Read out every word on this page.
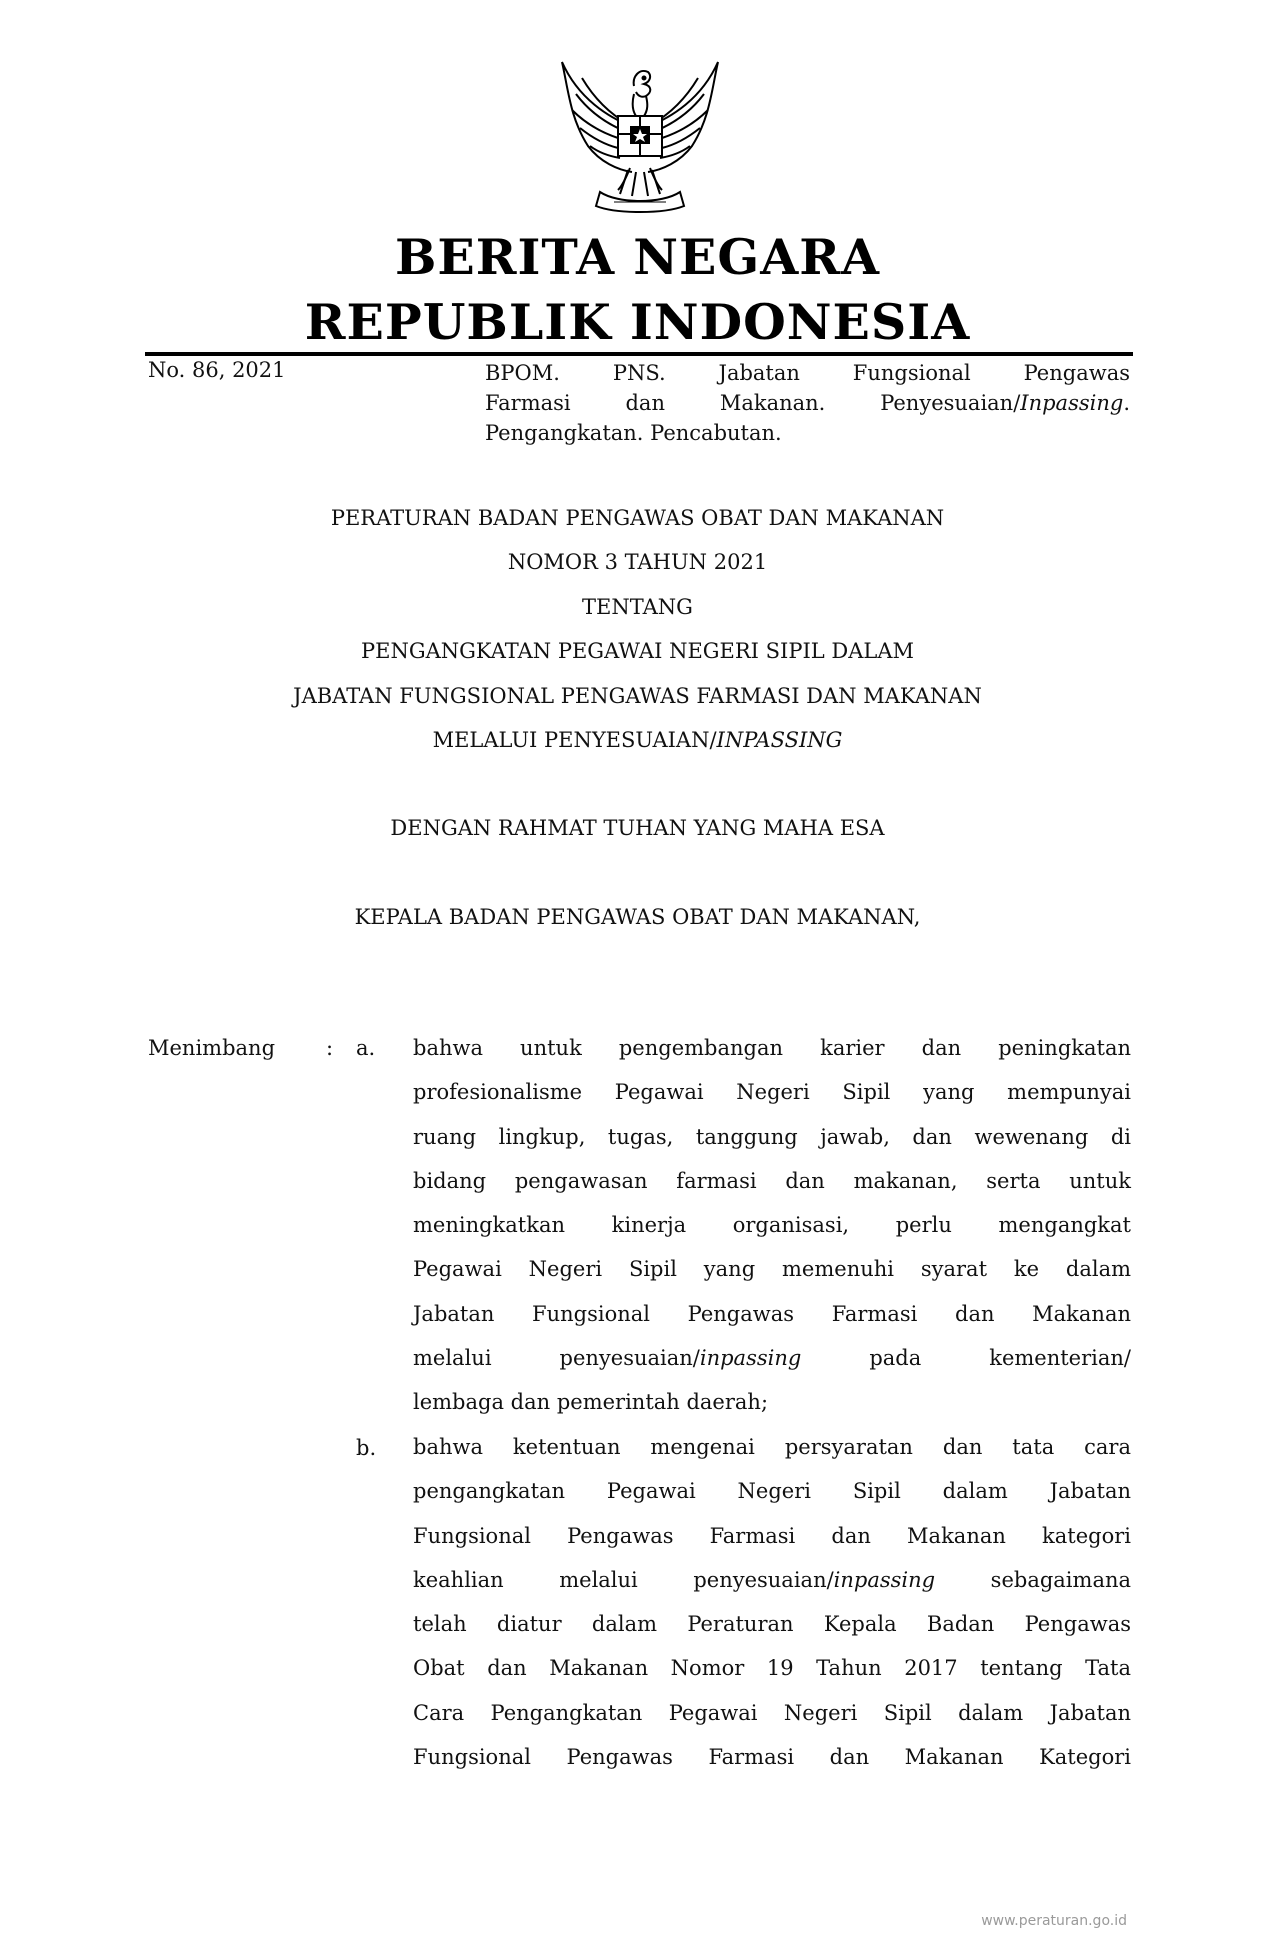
BERITA NEGARA
REPUBLIK INDONESIA
No. 86, 2021	BPOM. PNS. Jabatan Fungsional Pengawas
Farmasi dan Makanan. Penyesuaian/Inpassing.
Pengangkatan. Pencabutan.
PERATURAN BADAN PENGAWAS OBAT DAN MAKANAN
NOMOR 3 TAHUN 2021
TENTANG
PENGANGKATAN PEGAWAI NEGERI SIPIL DALAM
JABATAN FUNGSIONAL PENGAWAS FARMASI DAN MAKANAN
MELALUI PENYESUAIAN/INPASSING
DENGAN RAHMAT TUHAN YANG MAHA ESA
KEPALA BADAN PENGAWAS OBAT DAN MAKANAN,
Menimbang : a. bahwa untuk pengembangan karier dan peningkatan
profesionalisme Pegawai Negeri Sipil yang mempunyai
ruang lingkup, tugas, tanggung jawab, dan wewenang di
bidang pengawasan farmasi dan makanan, serta untuk
meningkatkan kinerja organisasi, perlu mengangkat
Pegawai Negeri Sipil yang memenuhi syarat ke dalam
Jabatan Fungsional Pengawas Farmasi dan Makanan
melalui penyesuaian/inpassing pada kementerian/
lembaga dan pemerintah daerah;
b. bahwa ketentuan mengenai persyaratan dan tata cara
pengangkatan Pegawai Negeri Sipil dalam Jabatan
Fungsional Pengawas Farmasi dan Makanan kategori
keahlian melalui penyesuaian/inpassing sebagaimana
telah diatur dalam Peraturan Kepala Badan Pengawas
Obat dan Makanan Nomor 19 Tahun 2017 tentang Tata
Cara Pengangkatan Pegawai Negeri Sipil dalam Jabatan
Fungsional Pengawas Farmasi dan Makanan Kategori
www.peraturan.go.id
